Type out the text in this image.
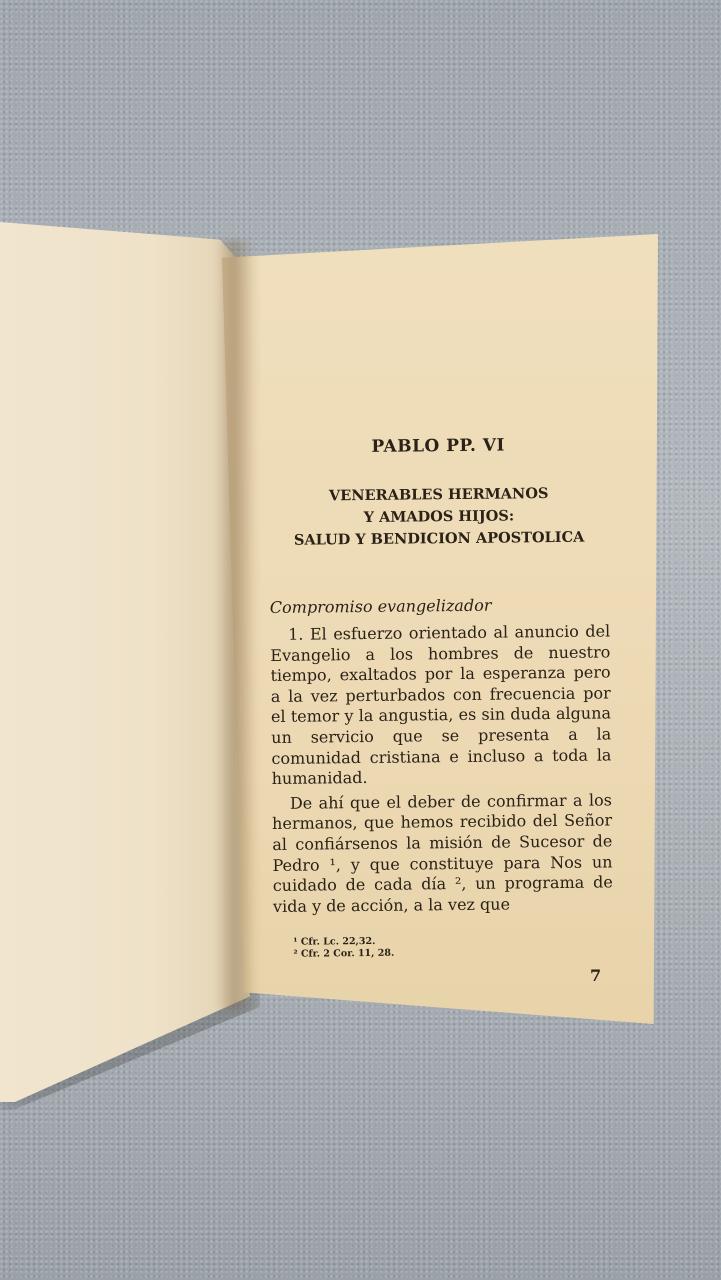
PABLO PP. VI
VENERABLES HERMANOS
Y AMADOS HIJOS:
SALUD Y BENDICION APOSTOLICA
Compromiso evangelizador

1. El esfuerzo orientado al anuncio del Evangelio a los hombres de nuestro tiempo, exaltados por la esperanza pero a la vez perturbados con frecuencia por el temor y la angustia, es sin duda alguna un servicio que se presenta a la comunidad cristiana e incluso a toda la humanidad.

De ahí que el deber de confirmar a los hermanos, que hemos recibido del Señor al confiársenos la misión de Sucesor de Pedro ¹, y que constituye para Nos un cuidado de cada día ², un programa de vida y de acción, a la vez que

¹ Cfr. Lc. 22,32.
² Cfr. 2 Cor. 11, 28.
7
